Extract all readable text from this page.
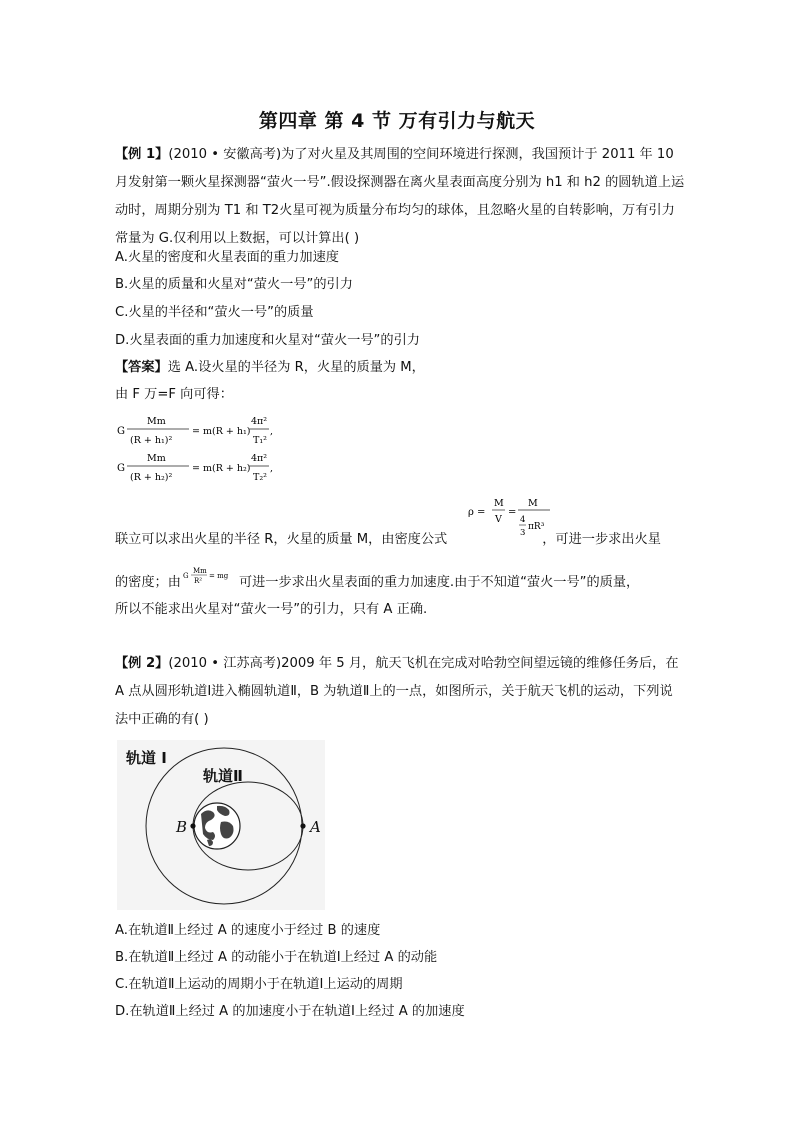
第四章 第 4 节 万有引力与航天
【例 1】(2010 • 安徽高考)为了对火星及其周围的空间环境进行探测，我国预计于 2011 年 10 月发射第一颗火星探测器“萤火一号”.假设探测器在离火星表面高度分别为 h1 和 h2 的圆轨道上运动时，周期分别为 T1 和 T2火星可视为质量分布均匀的球体，且忽略火星的自转影响，万有引力常量为 G.仅利用以上数据，可以计算出( )
A.火星的密度和火星表面的重力加速度
B.火星的质量和火星对“萤火一号”的引力
C.火星的半径和“萤火一号”的质量
D.火星表面的重力加速度和火星对“萤火一号”的引力
【答案】选 A.设火星的半径为 R，火星的质量为 M，
由 F 万=F 向可得：
G
Mm
(R + h₁)²
= m(R + h₁)
4π²
T₁²
,
G
Mm
(R + h₂)²
= m(R + h₂)
4π²
T₂²
,
ρ =
M
V
=
M
4
3
πR³
联立可以求出火星的半径 R，火星的质量 M，由密度公式	，可进一步求出火星
的密度；由 G
Mm
R²
= mg 可进一步求出火星表面的重力加速度.由于不知道“萤火一号”的质量，
所以不能求出火星对“萤火一号”的引力，只有 A 正确.
【例 2】(2010 • 江苏高考)2009 年 5 月，航天飞机在完成对哈勃空间望远镜的维修任务后，在 A 点从圆形轨道Ⅰ进入椭圆轨道Ⅱ，B 为轨道Ⅱ上的一点，如图所示，关于航天飞机的运动，下列说法中正确的有( )
轨道 I
轨道Ⅱ
B	A
A.在轨道Ⅱ上经过 A 的速度小于经过 B 的速度
B.在轨道Ⅱ上经过 A 的动能小于在轨道Ⅰ上经过 A 的动能
C.在轨道Ⅱ上运动的周期小于在轨道Ⅰ上运动的周期
D.在轨道Ⅱ上经过 A 的加速度小于在轨道Ⅰ上经过 A 的加速度
